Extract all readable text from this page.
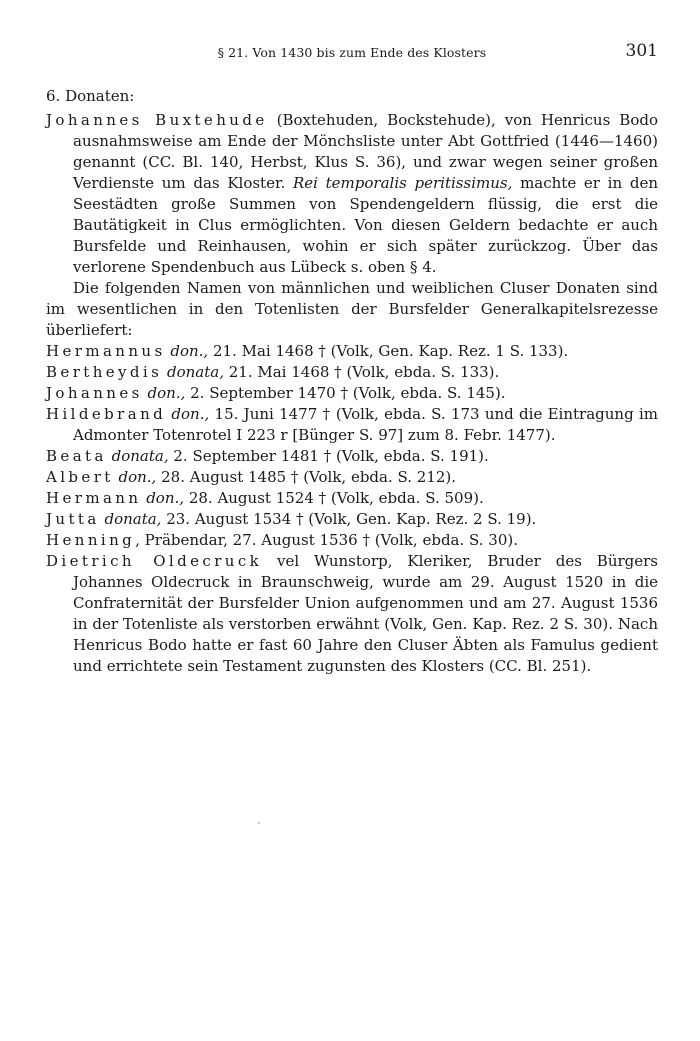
§ 21. Von 1430 bis zum Ende des Klosters	301

6. Donaten:

Johannes Buxtehude (Boxtehuden, Bockstehude), von Henricus Bodo ausnahmsweise am Ende der Mönchsliste unter Abt Gottfried (1446—1460) genannt (CC. Bl. 140, Herbst, Klus S. 36), und zwar wegen seiner großen Verdienste um das Kloster. Rei temporalis peritissimus, machte er in den Seestädten große Summen von Spendengeldern flüssig, die erst die Bautätigkeit in Clus ermöglichten. Von diesen Geldern bedachte er auch Bursfelde und Reinhausen, wohin er sich später zurückzog. Über das verlorene Spendenbuch aus Lübeck s. oben § 4.

Die folgenden Namen von männlichen und weiblichen Cluser Donaten sind im wesentlichen in den Totenlisten der Bursfelder Generalkapitelsrezesse überliefert:

Hermannus don., 21. Mai 1468 † (Volk, Gen. Kap. Rez. 1 S. 133).

Bertheydis donata, 21. Mai 1468 † (Volk, ebda. S. 133).

Johannes don., 2. September 1470 † (Volk, ebda. S. 145).

Hildebrand don., 15. Juni 1477 † (Volk, ebda. S. 173 und die Eintragung im Admonter Totenrotel I 223 r [Bünger S. 97] zum 8. Febr. 1477).

Beata donata, 2. September 1481 † (Volk, ebda. S. 191).

Albert don., 28. August 1485 † (Volk, ebda. S. 212).

Hermann don., 28. August 1524 † (Volk, ebda. S. 509).

Jutta donata, 23. August 1534 † (Volk, Gen. Kap. Rez. 2 S. 19).

Henning, Präbendar, 27. August 1536 † (Volk, ebda. S. 30).

Dietrich Oldecruck vel Wunstorp, Kleriker, Bruder des Bürgers Johannes Oldecruck in Braunschweig, wurde am 29. August 1520 in die Confraternität der Bursfelder Union aufgenommen und am 27. August 1536 in der Totenliste als verstorben erwähnt (Volk, Gen. Kap. Rez. 2 S. 30). Nach Henricus Bodo hatte er fast 60 Jahre den Cluser Äbten als Famulus gedient und errichtete sein Testament zugunsten des Klosters (CC. Bl. 251).
